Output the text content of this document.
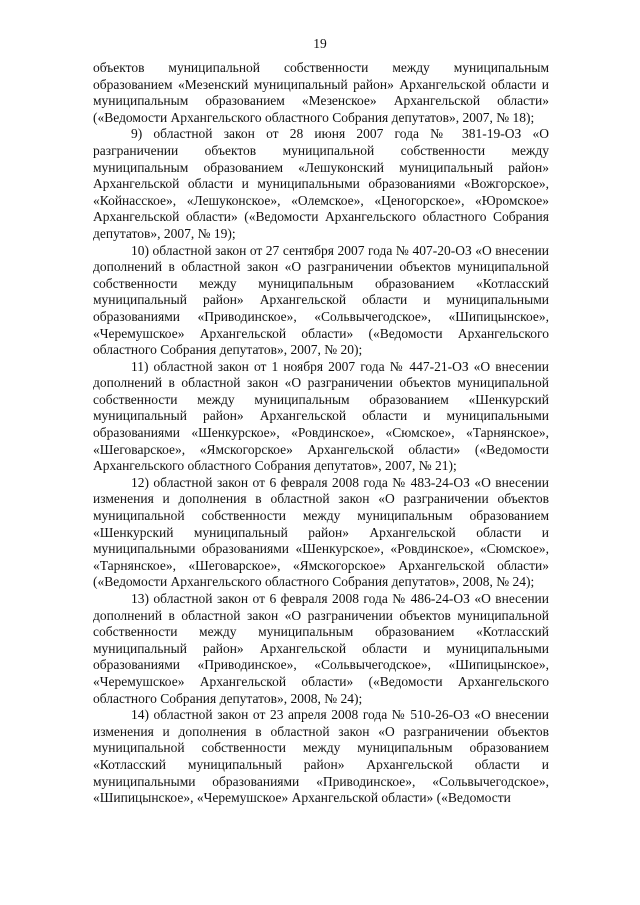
19

объектов муниципальной собственности между муниципальным образованием «Мезенский муниципальный район» Архангельской области и муниципальным образованием «Мезенское» Архангельской области» («Ведомости Архангельского областного Собрания депутатов», 2007, № 18);

9) областной закон от 28 июня 2007 года № 381-19-ОЗ «О разграничении объектов муниципальной собственности между муниципальным образованием «Лешуконский муниципальный район» Архангельской области и муниципальными образованиями «Вожгорское», «Койнасское», «Лешуконское», «Олемское», «Ценогорское», «Юромское» Архангельской области» («Ведомости Архангельского областного Собрания депутатов», 2007, № 19);

10) областной закон от 27 сентября 2007 года № 407-20-ОЗ «О внесении дополнений в областной закон «О разграничении объектов муниципальной собственности между муниципальным образованием «Котласский муниципальный район» Архангельской области и муниципальными образованиями «Приводинское», «Сольвычегодское», «Шипицынское», «Черемушское» Архангельской области» («Ведомости Архангельского областного Собрания депутатов», 2007, № 20);

11) областной закон от 1 ноября 2007 года № 447-21-ОЗ «О внесении дополнений в областной закон «О разграничении объектов муниципальной собственности между муниципальным образованием «Шенкурский муниципальный район» Архангельской области и муниципальными образованиями «Шенкурское», «Ровдинское», «Сюмское», «Тарнянское», «Шеговарское», «Ямскогорское» Архангельской области» («Ведомости Архангельского областного Собрания депутатов», 2007, № 21);

12) областной закон от 6 февраля 2008 года № 483-24-ОЗ «О внесении изменения и дополнения в областной закон «О разграничении объектов муниципальной собственности между муниципальным образованием «Шенкурский муниципальный район» Архангельской области и муниципальными образованиями «Шенкурское», «Ровдинское», «Сюмское», «Тарнянское», «Шеговарское», «Ямскогорское» Архангельской области» («Ведомости Архангельского областного Собрания депутатов», 2008, № 24);

13) областной закон от 6 февраля 2008 года № 486-24-ОЗ «О внесении дополнений в областной закон «О разграничении объектов муниципальной собственности между муниципальным образованием «Котласский муниципальный район» Архангельской области и муниципальными образованиями «Приводинское», «Сольвычегодское», «Шипицынское», «Черемушское» Архангельской области» («Ведомости Архангельского областного Собрания депутатов», 2008, № 24);

14) областной закон от 23 апреля 2008 года № 510-26-ОЗ «О внесении изменения и дополнения в областной закон «О разграничении объектов муниципальной собственности между муниципальным образованием «Котласский муниципальный район» Архангельской области и муниципальными образованиями «Приводинское», «Сольвычегодское», «Шипицынское», «Черемушское» Архангельской области» («Ведомости
